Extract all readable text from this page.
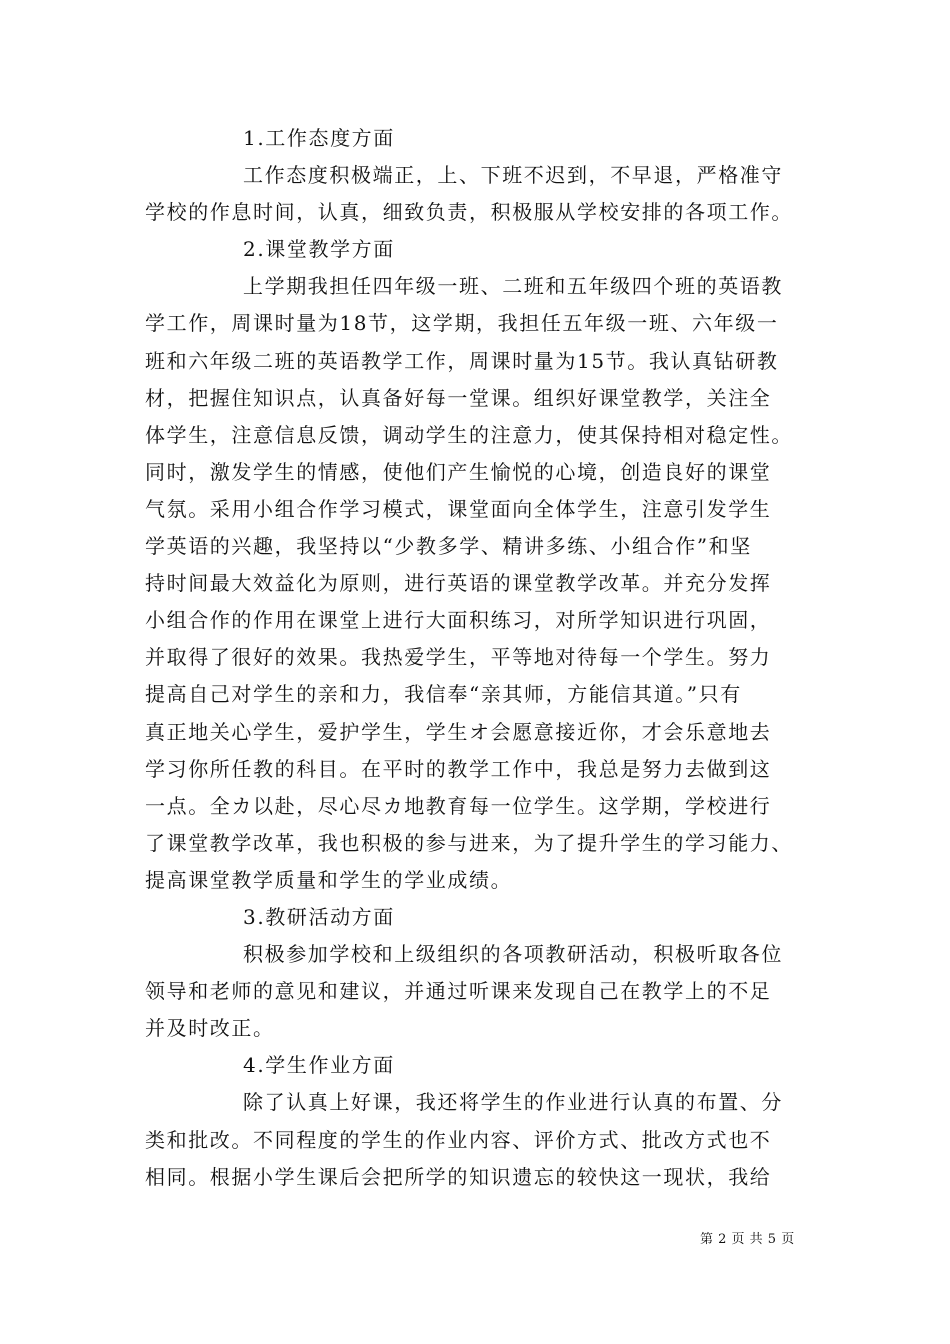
1.工作态度方面
工作态度积极端正，上、下班不迟到，不早退，严格准守
学校的作息时间，认真，细致负责，积极服从学校安排的各项工作。
2.课堂教学方面
上学期我担任四年级一班、二班和五年级四个班的英语教
学工作，周课时量为18节，这学期，我担任五年级一班、六年级一
班和六年级二班的英语教学工作，周课时量为15节。我认真钻研教
材，把握住知识点，认真备好每一堂课。组织好课堂教学，关注全
体学生，注意信息反馈，调动学生的注意力，使其保持相对稳定性。
同时，激发学生的情感，使他们产生愉悦的心境，创造良好的课堂
气氛。采用小组合作学习模式，课堂面向全体学生，注意引发学生
学英语的兴趣，我坚持以“少教多学、精讲多练、小组合作”和坚
持时间最大效益化为原则，进行英语的课堂教学改革。并充分发挥
小组合作的作用在课堂上进行大面积练习，对所学知识进行巩固，
并取得了很好的效果。我热爱学生，平等地对待每一个学生。努力
提高自己对学生的亲和力，我信奉“亲其师，方能信其道。”只有
真正地关心学生，爱护学生，学生オ会愿意接近你，才会乐意地去
学习你所任教的科目。在平时的教学工作中，我总是努力去做到这
一点。全カ以赴，尽心尽カ地教育每一位学生。这学期，学校进行
了课堂教学改革，我也积极的参与进来，为了提升学生的学习能力、
提高课堂教学质量和学生的学业成绩。
3.教研活动方面
积极参加学校和上级组织的各项教研活动，积极听取各位
领导和老师的意见和建议，并通过听课来发现自己在教学上的不足
并及时改正。
4.学生作业方面
除了认真上好课，我还将学生的作业进行认真的布置、分
类和批改。不同程度的学生的作业内容、评价方式、批改方式也不
相同。根据小学生课后会把所学的知识遗忘的较快这一现状，我给
第 2 页 共 5 页
